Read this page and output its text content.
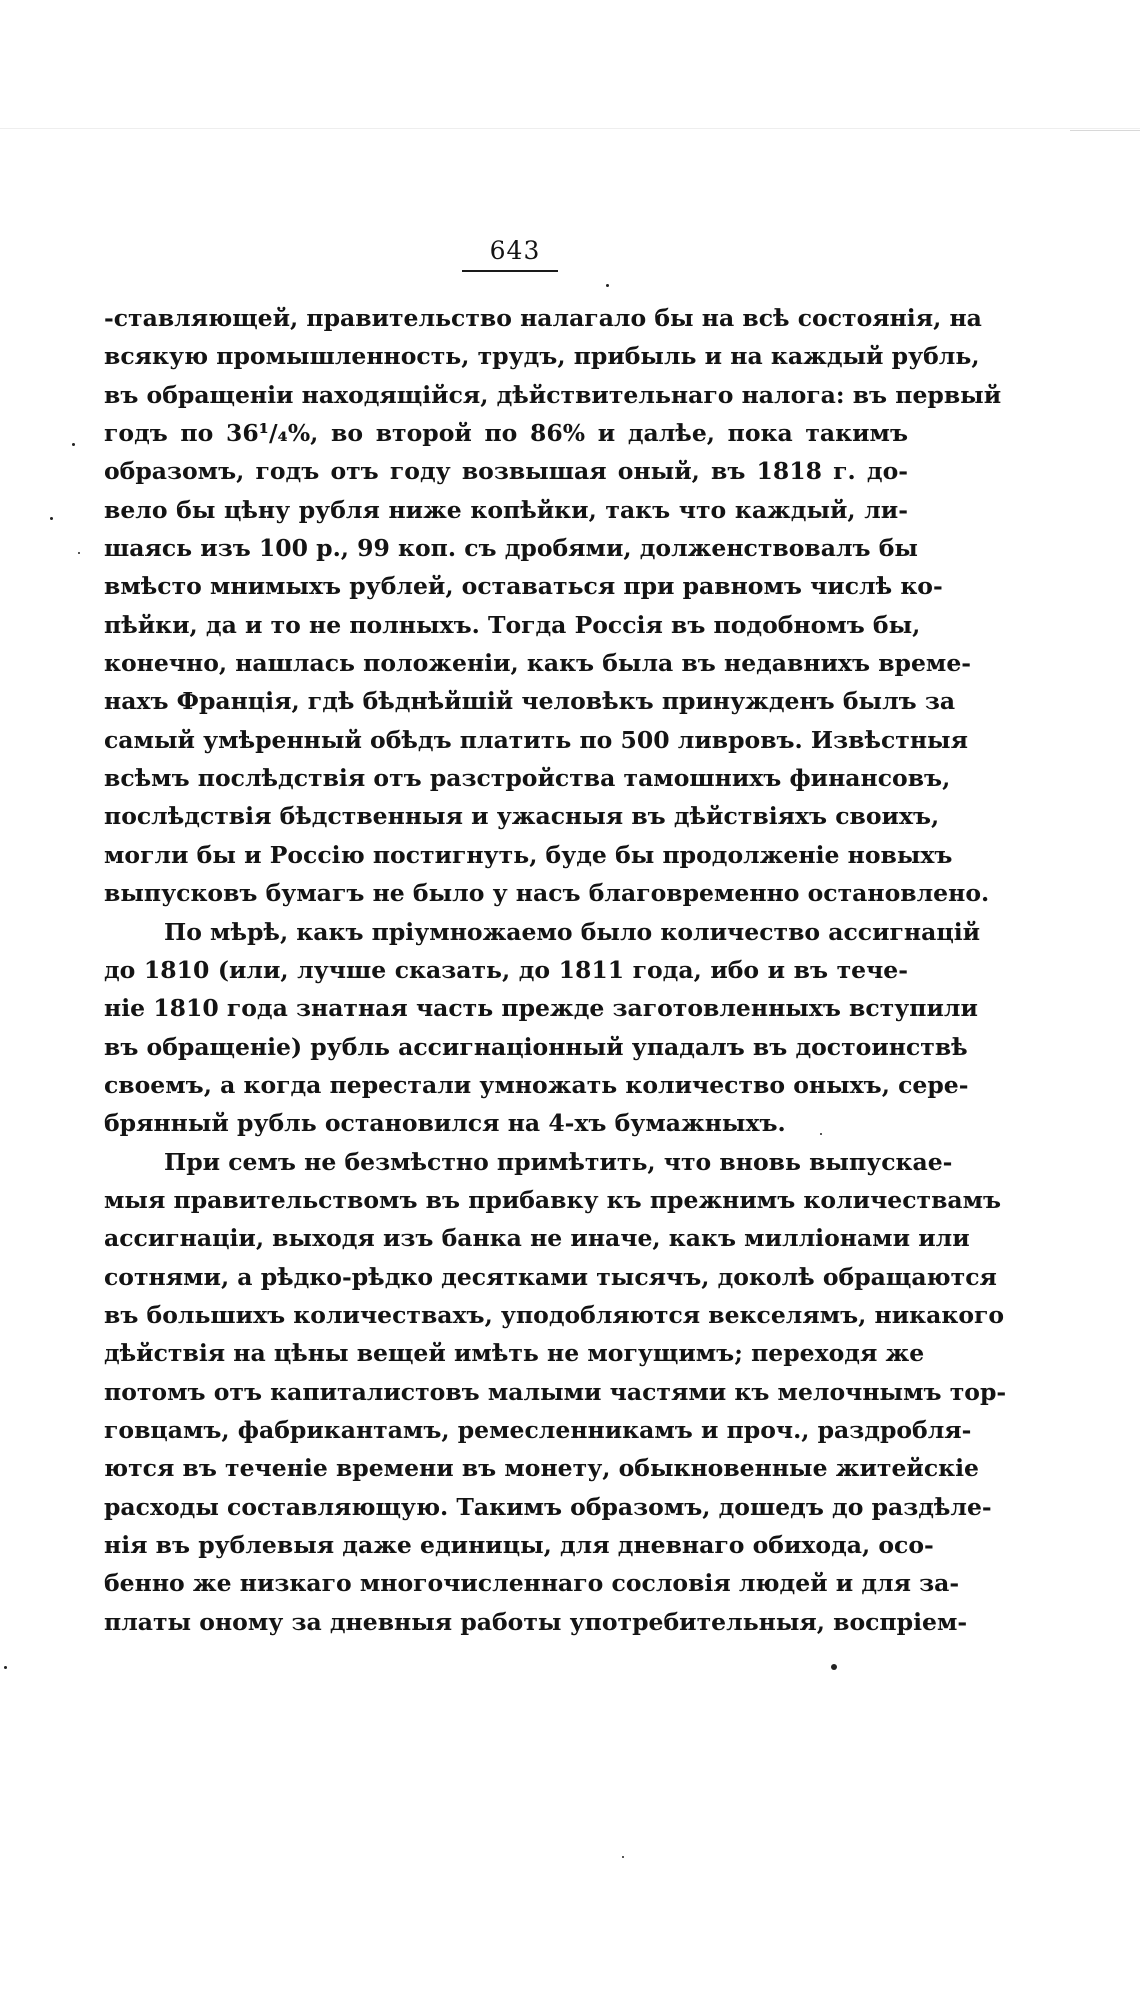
643
-ставляющей, правительство налагало бы на всѣ состоянія, на
всякую промышленность, трудъ, прибыль и на каждый рубль,
въ обращеніи находящійся, дѣйствительнаго налога: въ первый
годъ по 36¹/₄%, во второй по 86% и далѣе, пока такимъ
образомъ, годъ отъ году возвышая оный, въ 1818 г. до-
вело бы цѣну рубля ниже копѣйки, такъ что каждый, ли-
шаясь изъ 100 р., 99 коп. съ дробями, долженствовалъ бы
вмѣсто мнимыхъ рублей, оставаться при равномъ числѣ ко-
пѣйки, да и то не полныхъ. Тогда Россія въ подобномъ бы,
конечно, нашлась положеніи, какъ была въ недавнихъ време-
нахъ Франція, гдѣ бѣднѣйшій человѣкъ принужденъ былъ за
самый умѣренный обѣдъ платить по 500 ливровъ. Извѣстныя
всѣмъ послѣдствія отъ разстройства тамошнихъ финансовъ,
послѣдствія бѣдственныя и ужасныя въ дѣйствіяхъ своихъ,
могли бы и Россію постигнуть, буде бы продолженіе новыхъ
выпусковъ бумагъ не было у насъ благовременно остановлено.
По мѣрѣ, какъ пріумножаемо было количество ассигнацій
до 1810 (или, лучше сказать, до 1811 года, ибо и въ тече-
ніе 1810 года знатная часть прежде заготовленныхъ вступили
въ обращеніе) рубль ассигнаціонный упадалъ въ достоинствѣ
своемъ, а когда перестали умножать количество оныхъ, сере-
брянный рубль остановился на 4-хъ бумажныхъ.
При семъ не безмѣстно примѣтить, что вновь выпускае-
мыя правительствомъ въ прибавку къ прежнимъ количествамъ
ассигнаціи, выходя изъ банка не иначе, какъ милліонами или
сотнями, а рѣдко-рѣдко десятками тысячъ, доколѣ обращаются
въ большихъ количествахъ, уподобляются векселямъ, никакого
дѣйствія на цѣны вещей имѣть не могущимъ; переходя же
потомъ отъ капиталистовъ малыми частями къ мелочнымъ тор-
говцамъ, фабрикантамъ, ремесленникамъ и проч., раздробля-
ются въ теченіе времени въ монету, обыкновенные житейскіе
расходы составляющую. Такимъ образомъ, дошедъ до раздѣле-
нія въ рублевыя даже единицы, для дневнаго обихода, осо-
бенно же низкаго многочисленнаго сословія людей и для за-
платы оному за дневныя работы употребительныя, воспріем-
